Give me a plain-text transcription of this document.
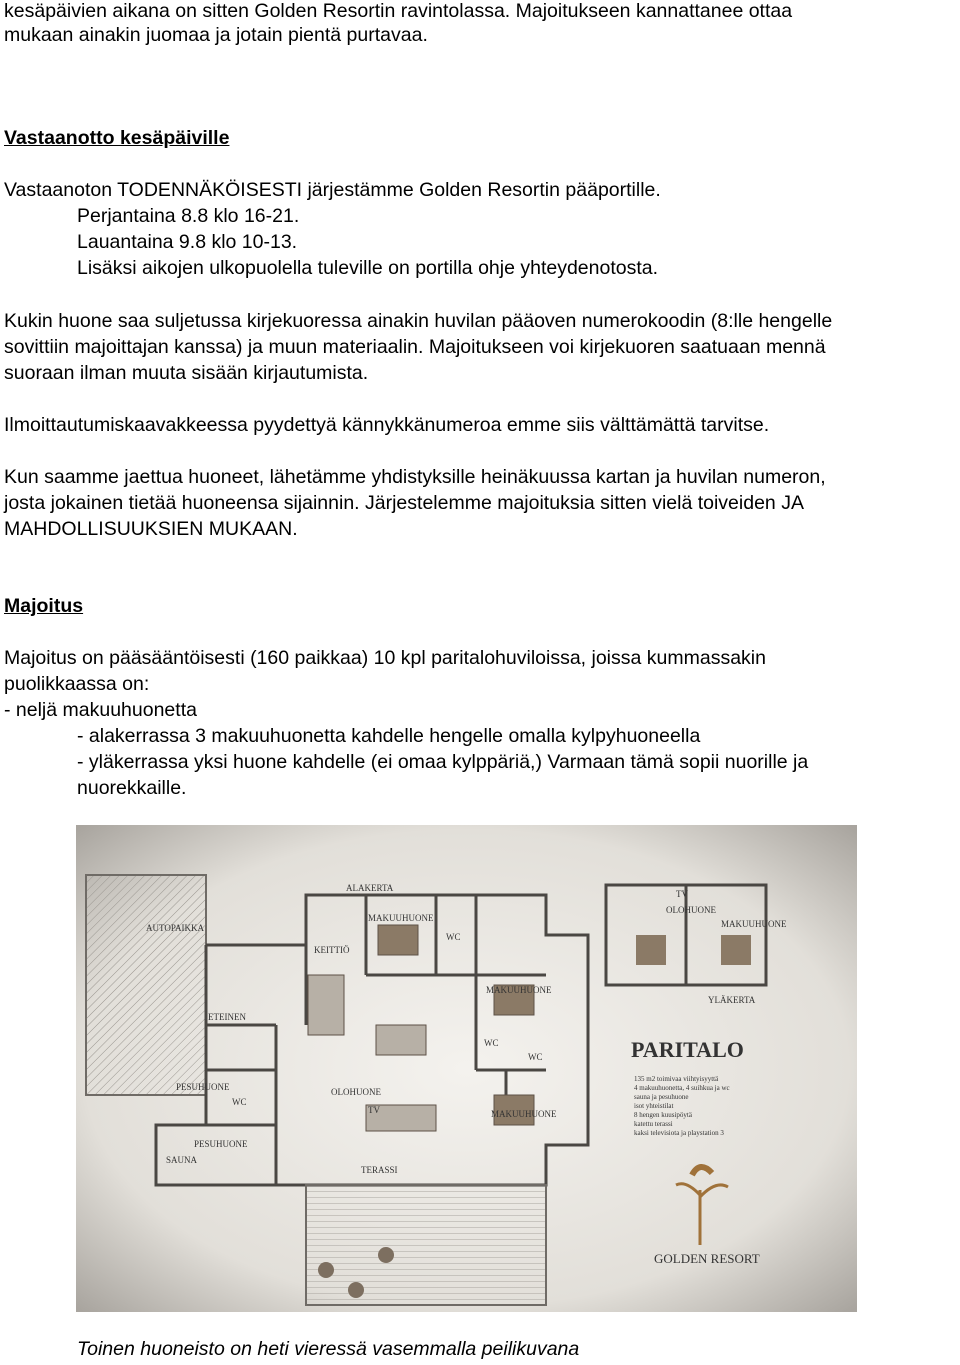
kesäpäivien aikana on sitten Golden Resortin ravintolassa. Majoitukseen kannattanee ottaa
mukaan ainakin juomaa ja jotain pientä purtavaa.
Vastaanotto kesäpäiville
Vastaanoton TODENNÄKÖISESTI järjestämme Golden Resortin pääportille.
Perjantaina 8.8 klo 16-21.
Lauantaina 9.8 klo 10-13.
Lisäksi aikojen ulkopuolella tuleville on portilla ohje yhteydenotosta.
Kukin huone saa suljetussa kirjekuoressa ainakin huvilan pääoven numerokoodin (8:lle hengelle
sovittiin majoittajan kanssa) ja muun materiaalin. Majoitukseen voi kirjekuoren saatuaan mennä
suoraan ilman muuta sisään kirjautumista.
Ilmoittautumiskaavakkeessa pyydettyä kännykkänumeroa emme siis välttämättä tarvitse.
Kun saamme jaettua huoneet, lähetämme yhdistyksille heinäkuussa kartan ja huvilan numeron,
josta jokainen tietää huoneensa sijainnin. Järjestelemme majoituksia sitten vielä toiveiden JA
MAHDOLLISUUKSIEN MUKAAN.
Majoitus
Majoitus on pääsääntöisesti (160 paikkaa) 10 kpl paritalohuviloissa, joissa kummassakin
puolikkaassa on:
- neljä makuuhuonetta
- alakerrassa 3 makuuhuonetta kahdelle hengelle omalla kylpyhuoneella
- yläkerrassa yksi huone kahdelle (ei omaa kylppäriä,) Varmaan tämä sopii nuorille ja
nuorekkaille.
ALAKERTA
AUTOPAIKKA
KEITTIÖ
MAKUUHUONE
WC
MAKUUHUONE
ETEINEN
WC
WC
PESUHUONE
WC
OLOHUONE
TV	MAKUUHUONE
PESUHUONE
SAUNA
TERASSI
OLOHUONE
TV
MAKUUHUONE
YLÄKERTA
PARITALO
135 m2 toimivaa viihtyisyyttä
4 makuuhuonetta, 4 suihkua ja wc
sauna ja pesuhuone
isot yhteistilat
8 hengen kuusipöytä
katettu terassi
kaksi televisiota ja playstation 3
GOLDEN RESORT
Toinen huoneisto on heti vieressä vasemmalla peilikuvana
